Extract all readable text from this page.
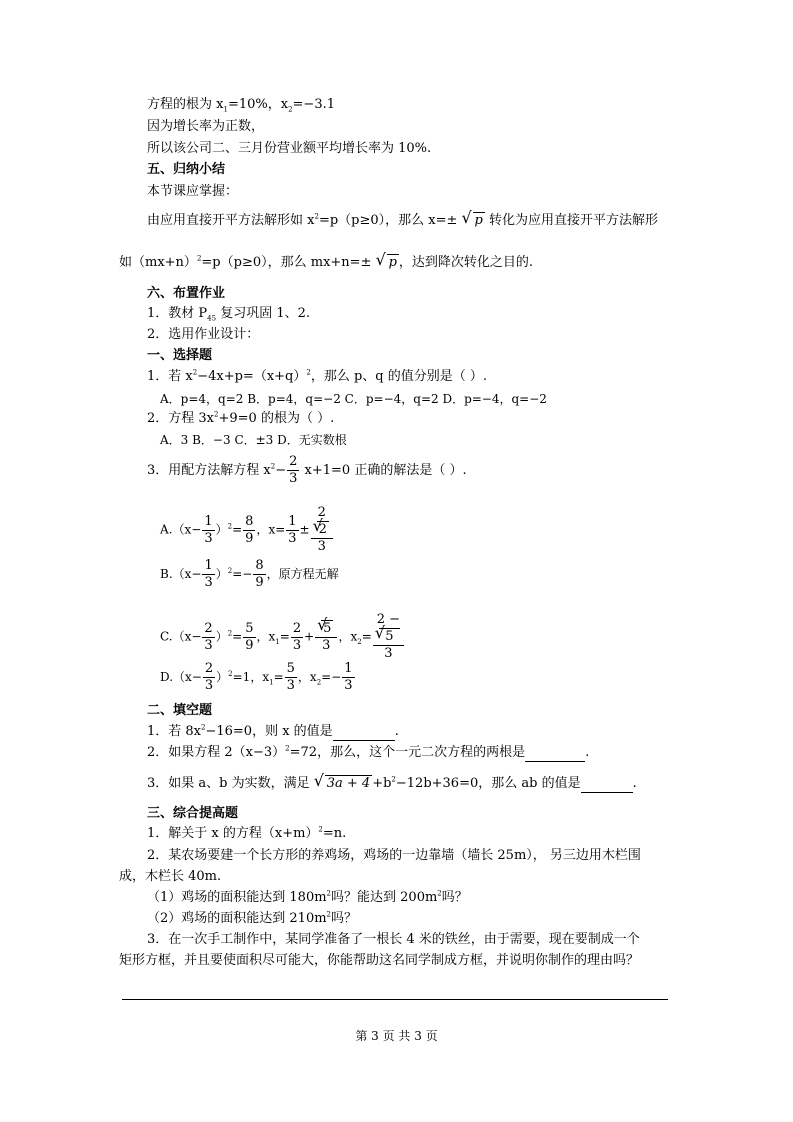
方程的根为 $x_1=10\%$，$x_2=-3.1$
因为增长率为正数，
所以该公司二、三月份营业额平均增长率为 10%.
五、归纳小结
本节课应掌握：
由应用直接开平方法解形如 $x^2=p(p\ge 0)$，那么 x=± √ p 转化为应用直接开平方法解形
如$(mx+n)^2=p(p\ge 0)$，那么 mx+n=± √ p ，达到降次转化之目的.
六、布置作业
1．教材 $P_{45}$ 复习巩固 1、2.
2．选用作业设计：
一、选择题
1．若 $x^2-4x+p=(x+q)^2$，那么 p、q 的值分别是（ ）.
A．p=4，q=2 B．p=4，q=−2 C．p=−4，q=2 D．p=−4，q=−2
2．方程 $3x^2+9=0$ 的根为（ ）.
A．3 B．−3 C．±3 D．无实数根
3．用配方法解方程 $x^2- \frac{2}{3} x+1=0$ 正确的解法是（ ）.
$A.(x- \frac{1}{3} )^2= \frac{8}{9}$ ，$x= \frac{1}{3} \pm 2$
√ 2
3
$B.(x- \frac{1}{3} )^2=- \frac{8}{9}$ ，原方程无解
$C.(x- \frac{2}{3} )^2= \frac{5}{9}$ ，$x_1= \frac{2}{3}$ + √ $\frac{5}{3}$ ，$x_2= 2$ −
√ 5
3
$D.(x- \frac{2}{3} )^2=1$，$x_1= \frac{5}{3}$ ，$x_2=- \frac{1}{3}$
二、填空题
1．若 $8x^2-16=0$，则 x 的值是	.
2．如果方程 $2(x-3)^2=72$，那么，这个一元二次方程的两根是	.
3．如果 a、b 为实数，满足 √ $3a + 4 +b^2-12b+36=0$，那么 ab 的值是	.
三、综合提高题
1．解关于 x 的方程$(x+m)^2=n$.
2．某农场要建一个长方形的养鸡场，鸡场的一边靠墙（墙长 25m）， 另三边用木栏围
成，木栏长 40m.
（1）鸡场的面积能达到 $180m^2$吗？能达到 $200m^2$吗？
（2）鸡场的面积能达到 $210m^2$吗？
3．在一次手工制作中，某同学准备了一根长 4 米的铁丝，由于需要，现在要制成一个
矩形方框，并且要使面积尽可能大，你能帮助这名同学制成方框，并说明你制作的理由吗？
第 3 页 共 3 页
